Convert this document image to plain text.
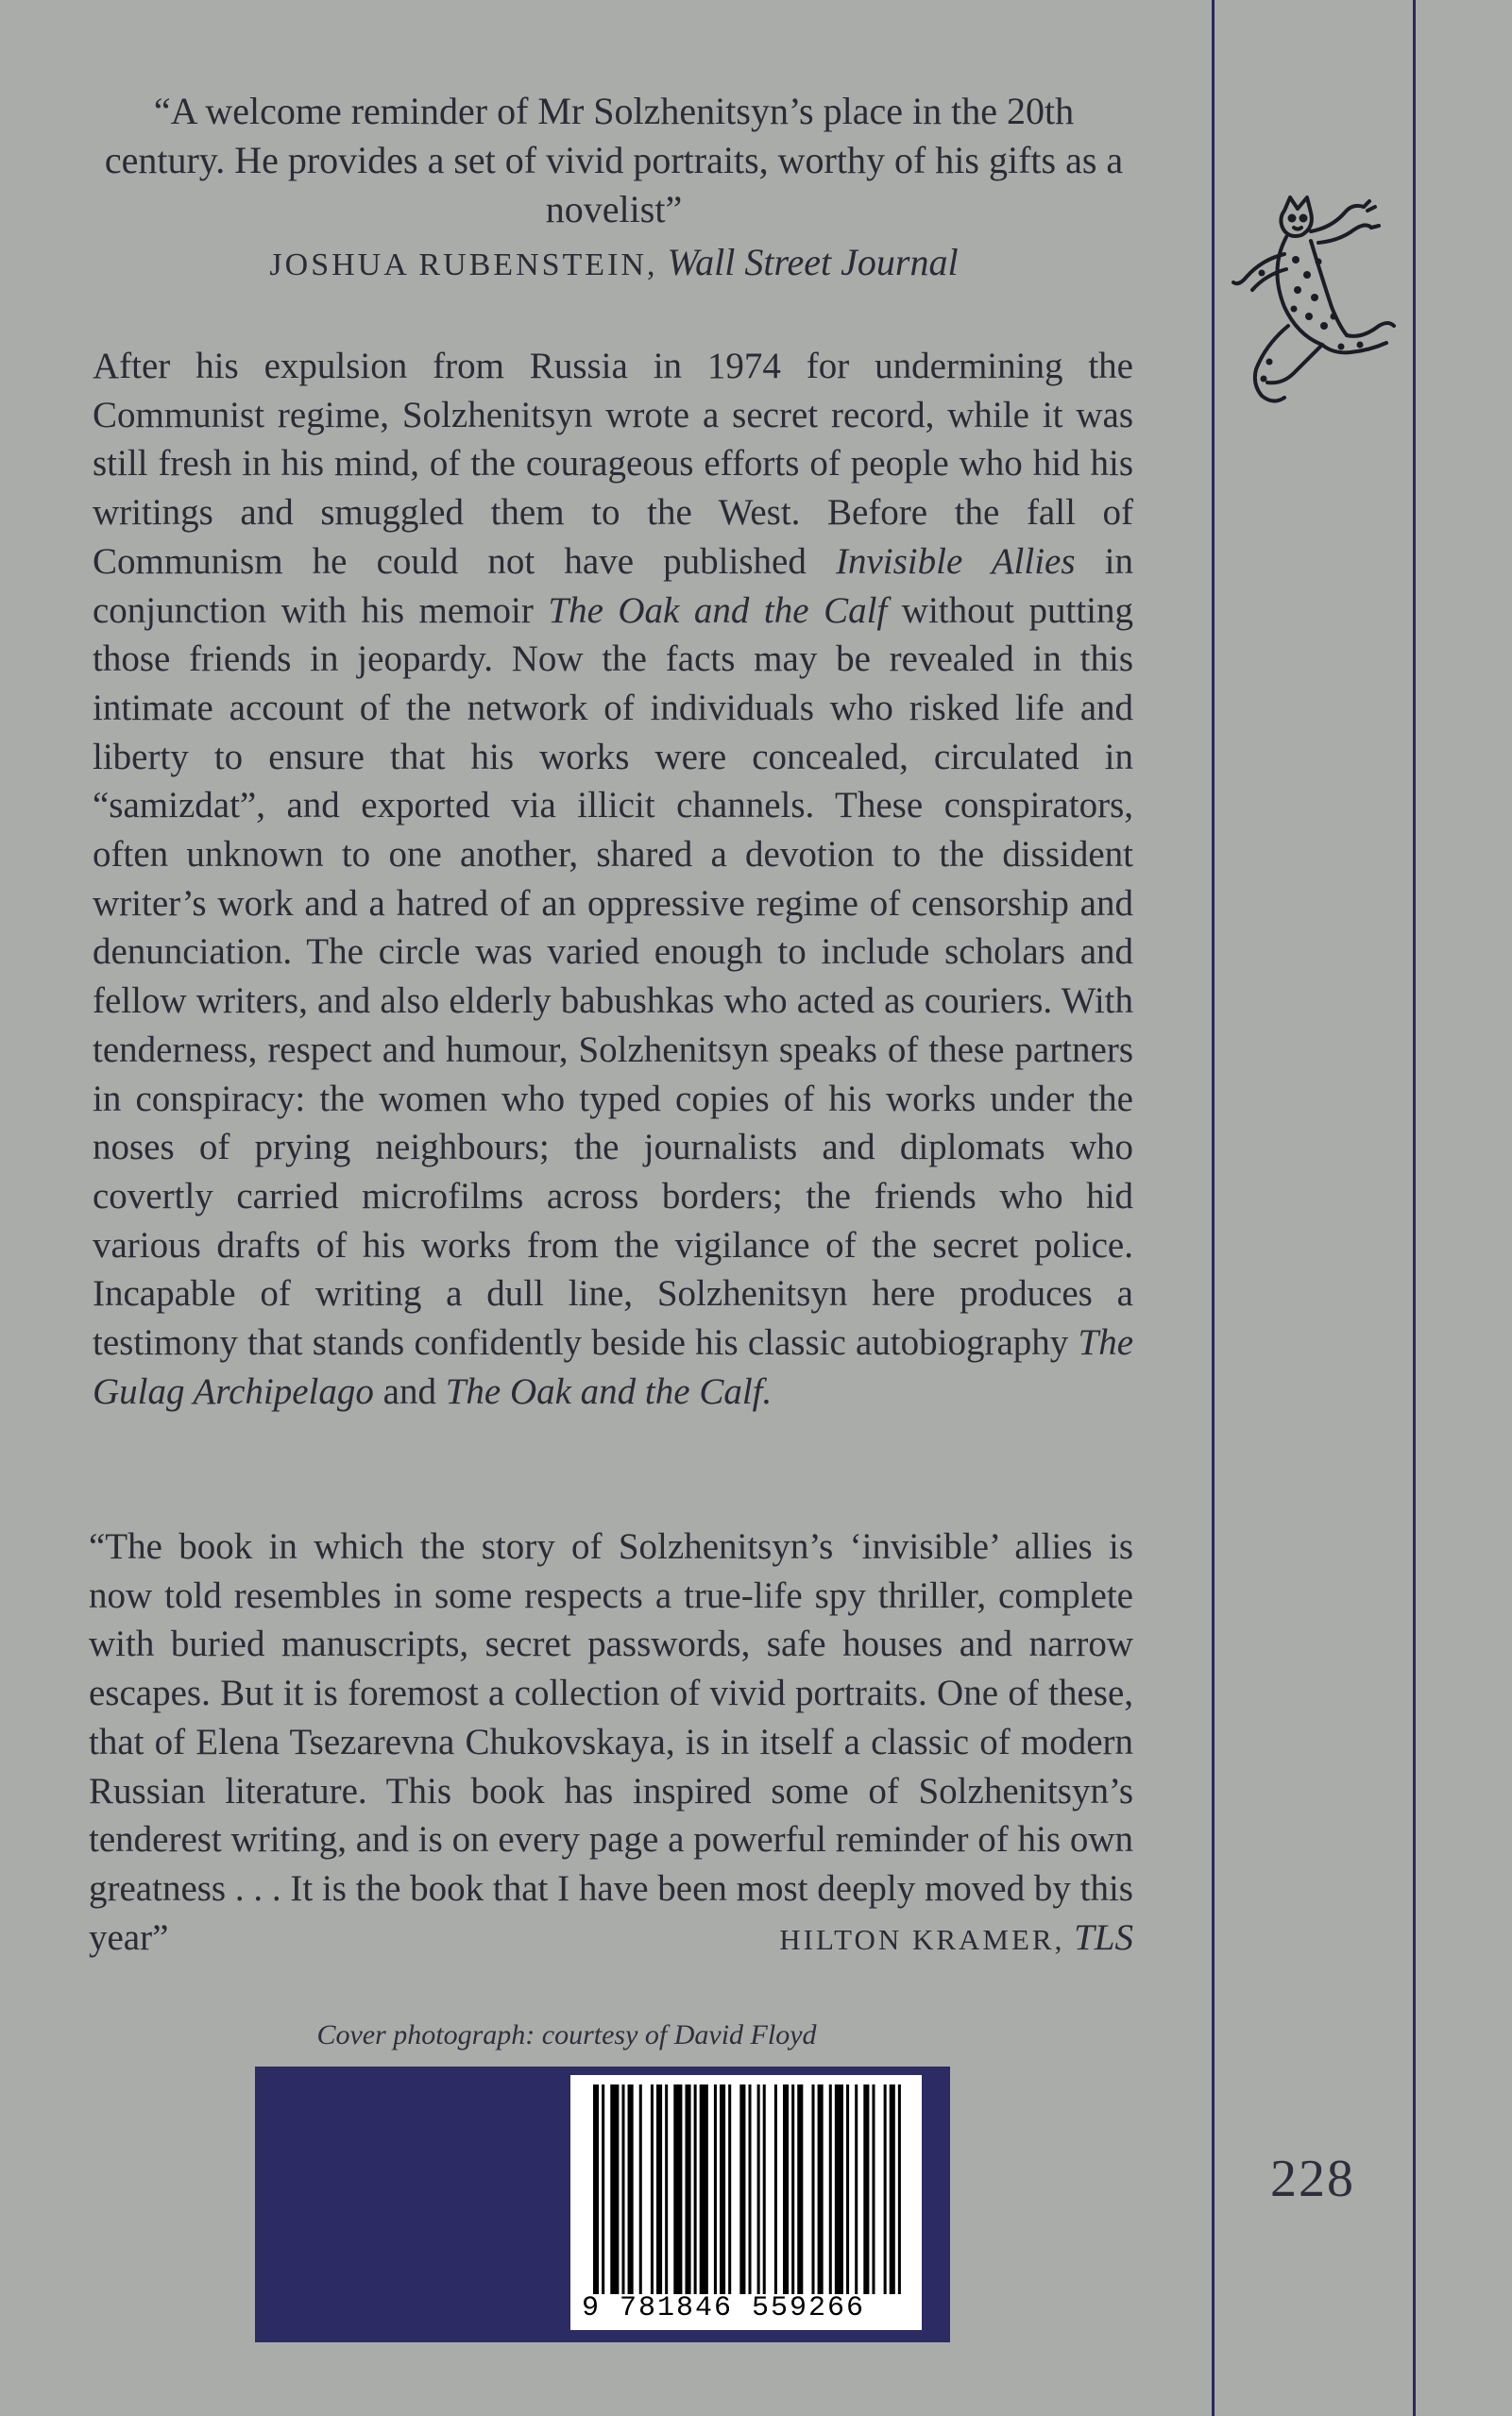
“A welcome reminder of Mr Solzhenitsyn’s place in the 20th century. He provides a set of vivid portraits, worthy of his gifts as a novelist”

JOSHUA RUBENSTEIN, Wall Street Journal

After his expulsion from Russia in 1974 for undermining the Communist regime, Solzhenitsyn wrote a secret record, while it was still fresh in his mind, of the courageous efforts of people who hid his writings and smuggled them to the West. Before the fall of Communism he could not have published Invisible Allies in conjunction with his memoir The Oak and the Calf without putting those friends in jeopardy. Now the facts may be revealed in this intimate account of the network of individuals who risked life and liberty to ensure that his works were concealed, circulated in “samizdat”, and exported via illicit channels. These conspirators, often unknown to one another, shared a devotion to the dissident writer’s work and a hatred of an oppressive regime of censorship and denunciation. The circle was varied enough to include scholars and fellow writers, and also elderly babushkas who acted as couriers. With tenderness, respect and humour, Solzhenitsyn speaks of these partners in conspiracy: the women who typed copies of his works under the noses of prying neighbours; the journalists and diplomats who covertly carried microfilms across borders; the friends who hid various drafts of his works from the vigilance of the secret police. Incapable of writing a dull line, Solzhenitsyn here produces a testimony that stands confidently beside his classic autobiography The Gulag Archipelago and The Oak and the Calf.

“The book in which the story of Solzhenitsyn’s ‘invisible’ allies is now told resembles in some respects a true-life spy thriller, complete with buried manuscripts, secret passwords, safe houses and narrow escapes. But it is foremost a collection of vivid portraits. One of these, that of Elena Tsezarevna Chukovskaya, is in itself a classic of modern Russian literature. This book has inspired some of Solzhenitsyn’s tenderest writing, and is on every page a powerful reminder of his own greatness . . . It is the book that I have been most deeply moved by this year”	HILTON KRAMER, TLS

Cover photograph: courtesy of David Floyd
9 781846 559266
228
